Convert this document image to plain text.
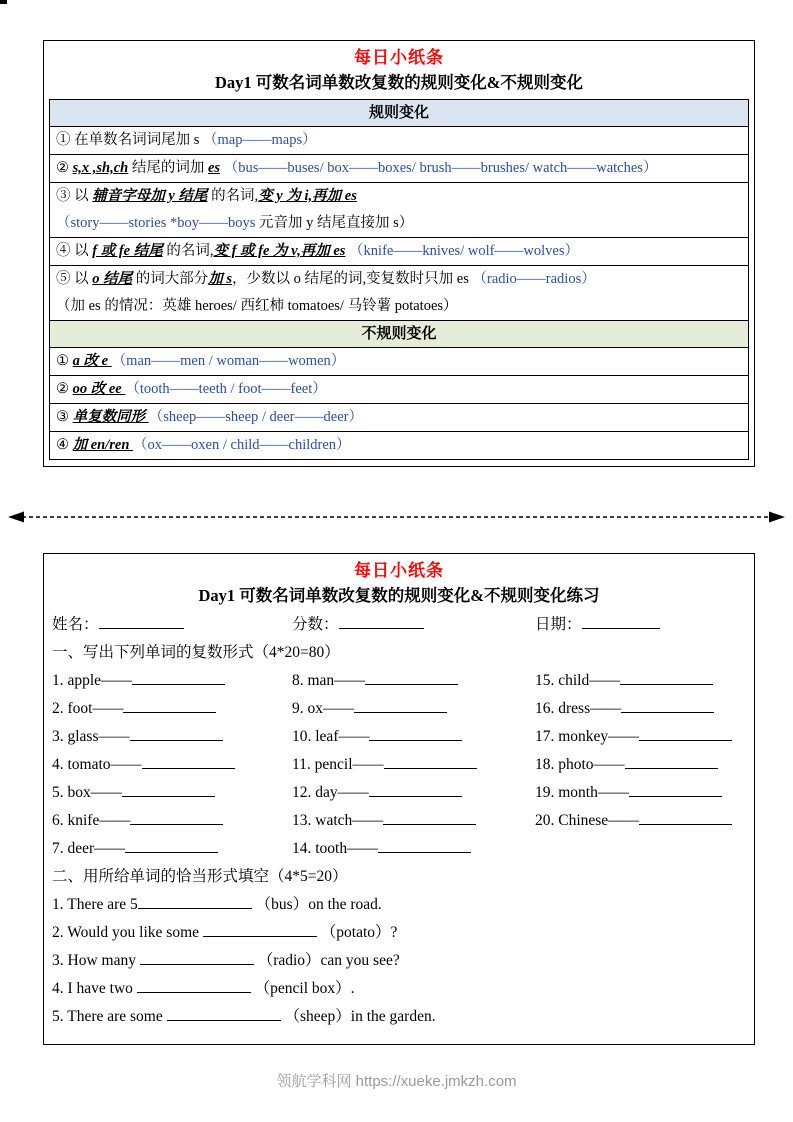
每日小纸条
Day1 可数名词单数改复数的规则变化&不规则变化
规则变化
① 在单数名词词尾加 s （map——maps）
② s,x ,sh,ch 结尾的词加 es （bus——buses/ box——boxes/ brush——brushes/ watch——watches）
③ 以 辅音字母加 y 结尾 的名词,变 y 为 i,再加 es
（story——stories *boy——boys 元音加 y 结尾直接加 s）
④ 以 f 或 fe 结尾 的名词,变 f 或 fe 为 v,再加 es （knife——knives/ wolf——wolves）
⑤ 以 o 结尾 的词大部分加 s，少数以 o 结尾的词,变复数时只加 es （radio——radios）
（加 es 的情况：英雄 heroes/ 西红柿 tomatoes/ 马铃薯 potatoes）
不规则变化
① a 改 e （man——men / woman——women）
② oo 改 ee （tooth——teeth / foot——feet）
③ 单复数同形 （sheep——sheep / deer——deer）
④ 加 en/ren （ox——oxen / child——children）
每日小纸条
Day1 可数名词单数改复数的规则变化&不规则变化练习
姓名：	分数：	日期：
一、写出下列单词的复数形式（4*20=80）
1. apple——
2. foot——
3. glass——
4. tomato——
5. box——
6. knife——
7. deer——
8. man——
9. ox——
10. leaf——
11. pencil——
12. day——
13. watch——
14. tooth——
15. child——
16. dress——
17. monkey——
18. photo——
19. month——
20. Chinese——
二、用所给单词的恰当形式填空（4*5=20）
1. There are 5	（bus）on the road.
2. Would you like some	（potato）?
3. How many	（radio）can you see?
4. I have two	（pencil box）.
5. There are some	（sheep）in the garden.
领航学科网 https://xueke.jmkzh.com
